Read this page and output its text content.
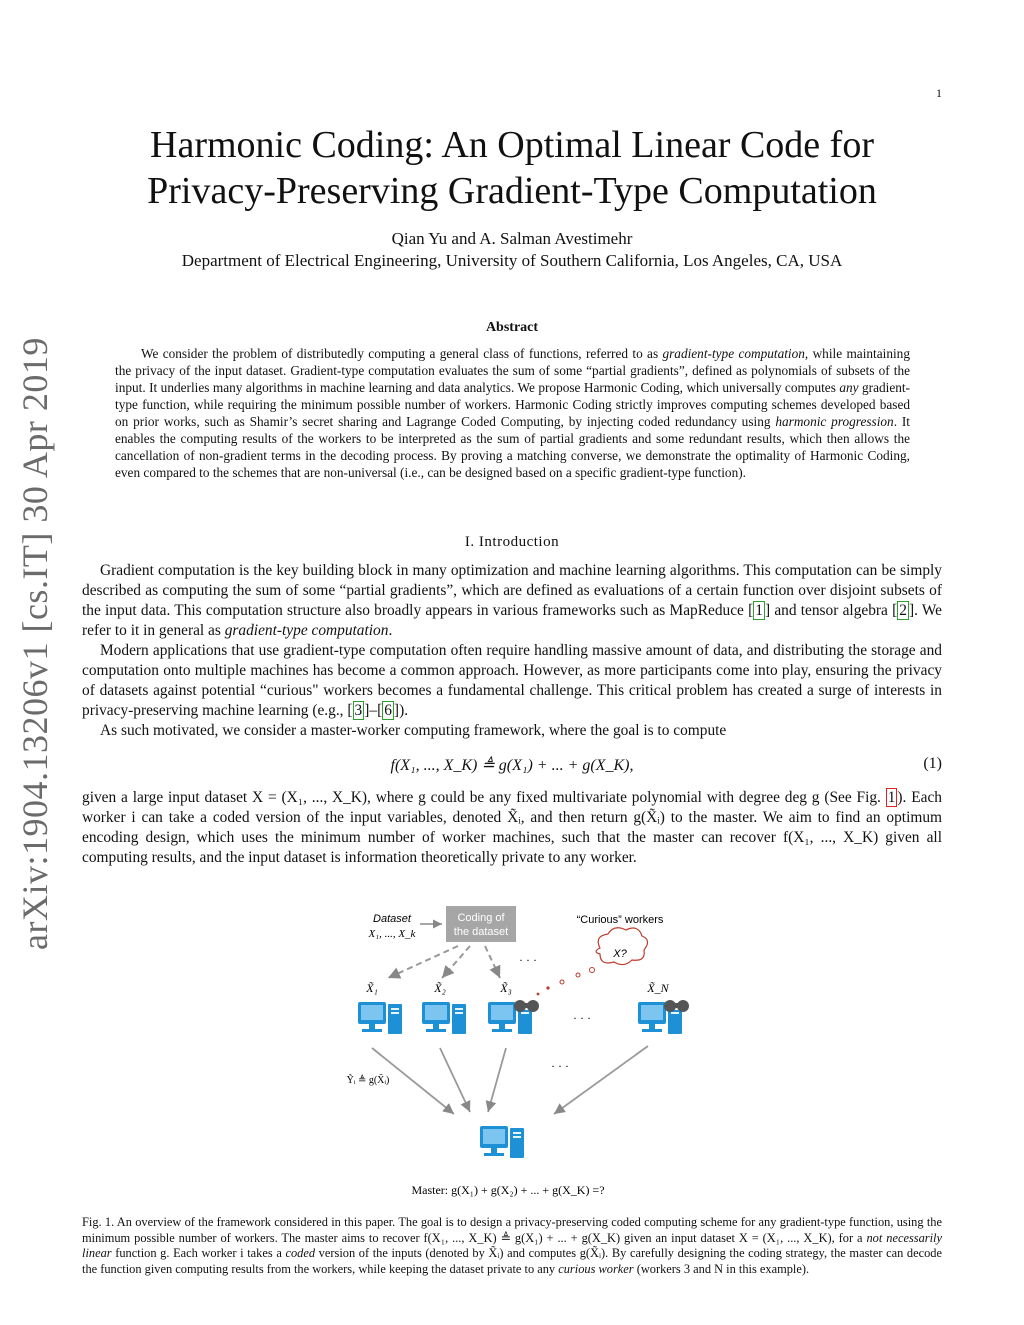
1
arXiv:1904.13206v1 [cs.IT] 30 Apr 2019
Harmonic Coding: An Optimal Linear Code for
Privacy-Preserving Gradient-Type Computation
Qian Yu and A. Salman Avestimehr
Department of Electrical Engineering, University of Southern California, Los Angeles, CA, USA
Abstract
We consider the problem of distributedly computing a general class of functions, referred to as gradient-type computation, while maintaining the privacy of the input dataset. Gradient-type computation evaluates the sum of some “partial gradients”, defined as polynomials of subsets of the input. It underlies many algorithms in machine learning and data analytics. We propose Harmonic Coding, which universally computes any gradient-type function, while requiring the minimum possible number of workers. Harmonic Coding strictly improves computing schemes developed based on prior works, such as Shamir’s secret sharing and Lagrange Coded Computing, by injecting coded redundancy using harmonic progression. It enables the computing results of the workers to be interpreted as the sum of partial gradients and some redundant results, which then allows the cancellation of non-gradient terms in the decoding process. By proving a matching converse, we demonstrate the optimality of Harmonic Coding, even compared to the schemes that are non-universal (i.e., can be designed based on a specific gradient-type function).
I. Introduction
Gradient computation is the key building block in many optimization and machine learning algorithms. This computation can be simply described as computing the sum of some “partial gradients”, which are defined as evaluations of a certain function over disjoint subsets of the input data. This computation structure also broadly appears in various frameworks such as MapReduce [ 1 ] and tensor algebra [ 2 ]. We refer to it in general as gradient-type computation.
Modern applications that use gradient-type computation often require handling massive amount of data, and distributing the storage and computation onto multiple machines has become a common approach. However, as more participants come into play, ensuring the privacy of datasets against potential “curious" workers becomes a fundamental challenge. This critical problem has created a surge of interests in privacy-preserving machine learning (e.g., [ 3 ]–[ 6 ]).
As such motivated, we consider a master-worker computing framework, where the goal is to compute
f(X₁, ..., X_K) ≜ g(X₁) + ... + g(X_K),	(1)
given a large input dataset X = (X₁, ..., X_K), where g could be any fixed multivariate polynomial with degree deg g (See Fig. 1 ). Each worker i can take a coded version of the input variables, denoted X̃ᵢ, and then return g(X̃ᵢ) to the master. We aim to find an optimum encoding design, which uses the minimum number of worker machines, such that the master can recover f(X₁, ..., X_K) given all computing results, and the input dataset is information theoretically private to any worker.
Dataset
X₁, ..., X_k
Coding of
the dataset
“Curious” workers
X?
· · ·
X̃₁	X̃₂	X̃₃	X̃_N
· · ·
· · ·
Ỹᵢ ≜ g(X̃ᵢ)
Master: g(X₁) + g(X₂) + ... + g(X_K) =?
Fig. 1. An overview of the framework considered in this paper. The goal is to design a privacy-preserving coded computing scheme for any gradient-type function, using the minimum possible number of workers. The master aims to recover f(X₁, ..., X_K) ≜ g(X₁) + ... + g(X_K) given an input dataset X = (X₁, ..., X_K), for a not necessarily linear function g. Each worker i takes a coded version of the inputs (denoted by X̃ᵢ) and computes g(X̃ᵢ). By carefully designing the coding strategy, the master can decode the function given computing results from the workers, while keeping the dataset private to any curious worker (workers 3 and N in this example).
